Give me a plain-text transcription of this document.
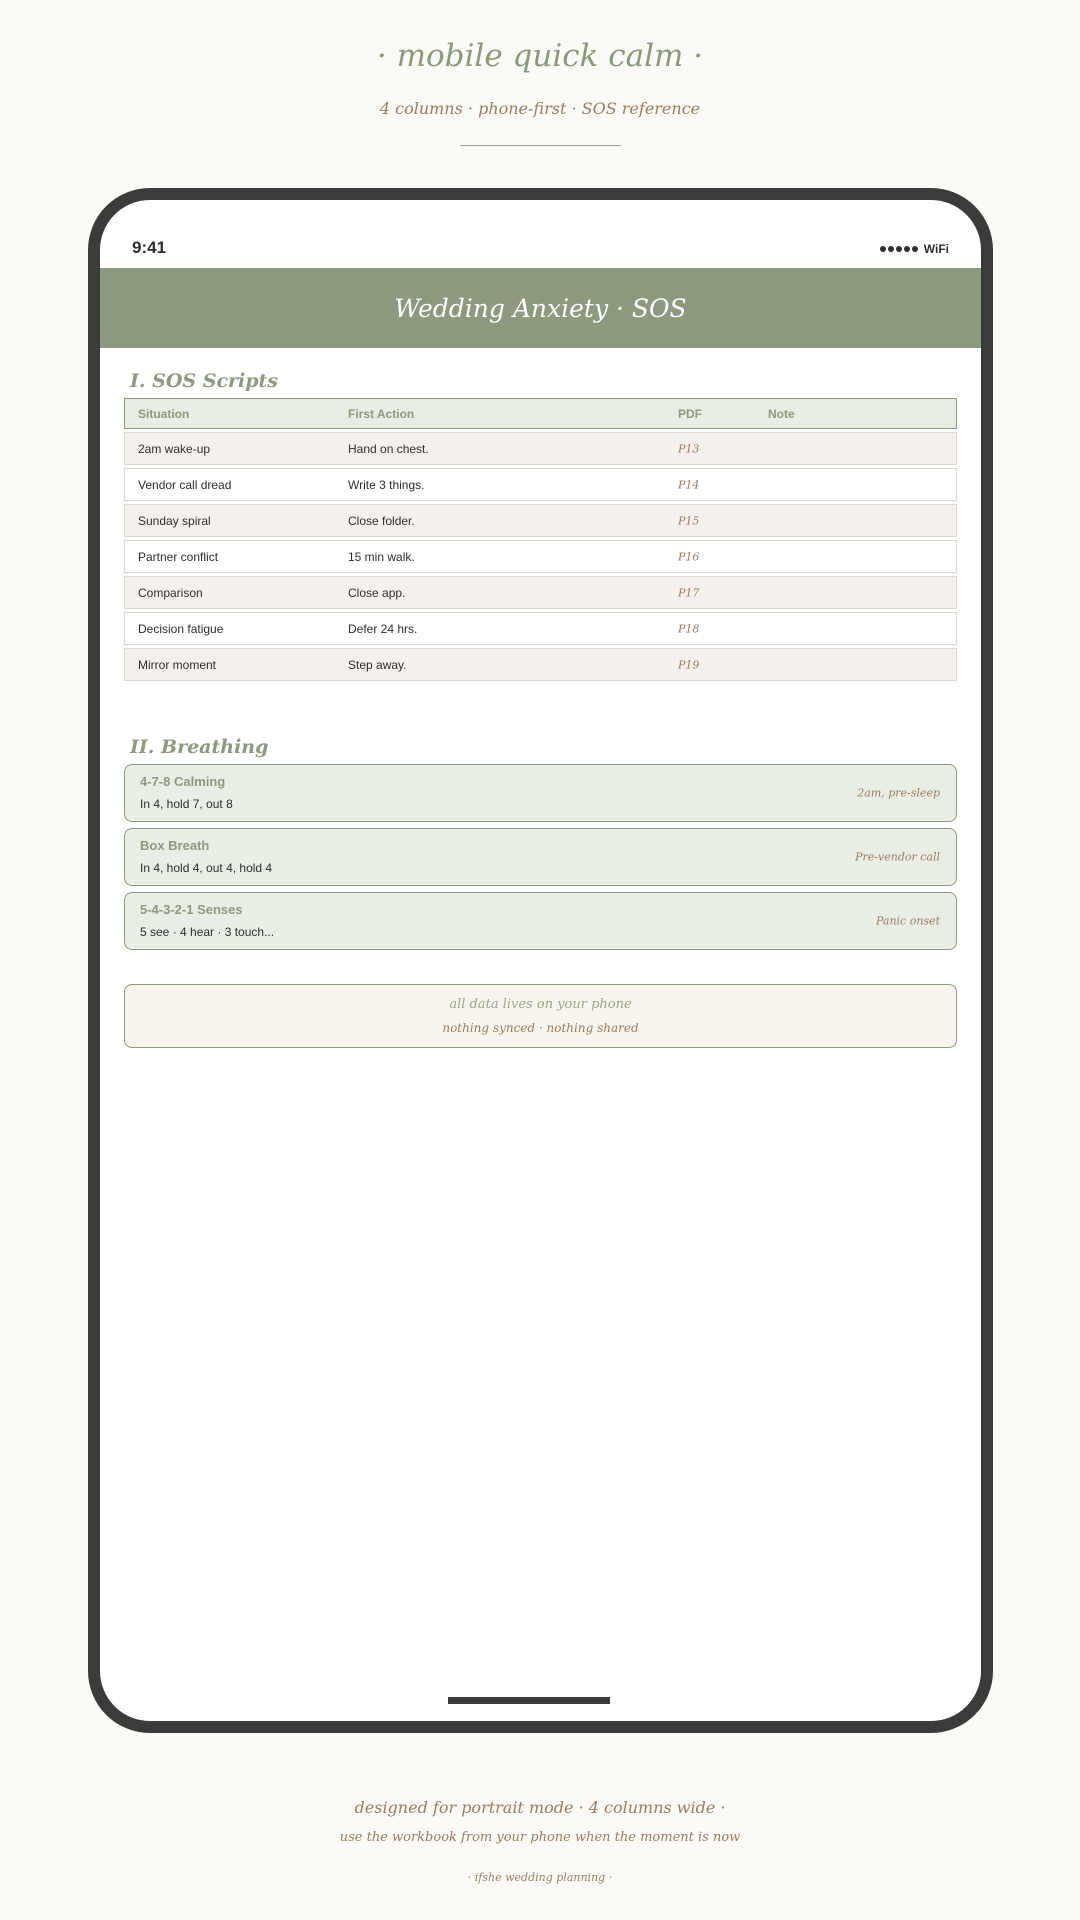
· mobile quick calm ·
4 columns · phone-first · SOS reference
9:41	WiFi
Wedding Anxiety · SOS
I. SOS Scripts
Situation	First Action	PDF	Note
2am wake-up	Hand on chest.	P13
Vendor call dread	Write 3 things.	P14
Sunday spiral	Close folder.	P15
Partner conflict	15 min walk.	P16
Comparison	Close app.	P17
Decision fatigue	Defer 24 hrs.	P18
Mirror moment	Step away.	P19
II. Breathing
4-7-8 Calming
In 4, hold 7, out 8
2am, pre-sleep
Box Breath
In 4, hold 4, out 4, hold 4
Pre-vendor call
5-4-3-2-1 Senses
5 see · 4 hear · 3 touch...
Panic onset
all data lives on your phone
nothing synced · nothing shared
designed for portrait mode · 4 columns wide ·
use the workbook from your phone when the moment is now
· ifshe wedding planning ·
